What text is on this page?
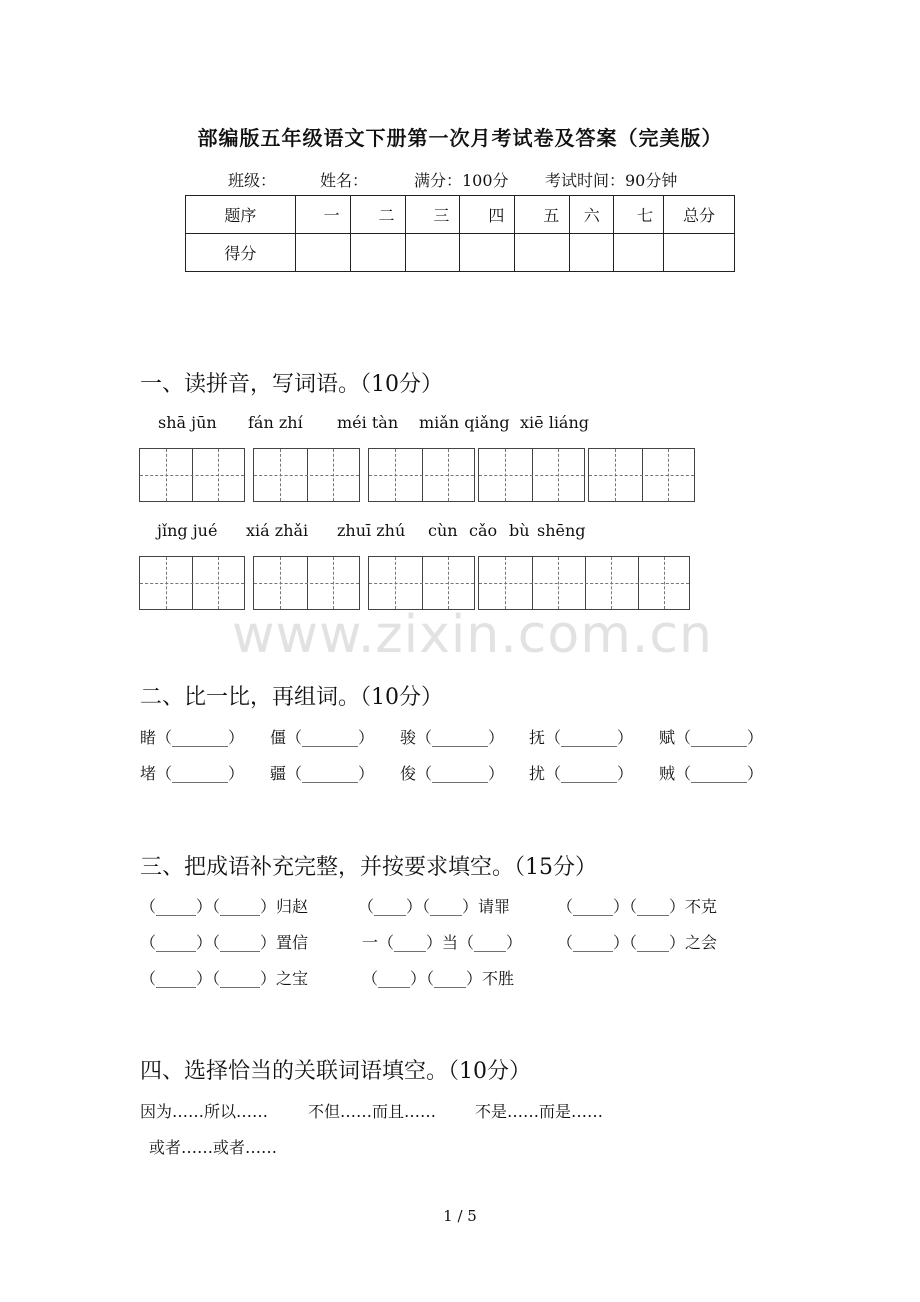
部编版五年级语文下册第一次月考试卷及答案（完美版）
班级：	姓名：	满分：100分 考试时间：90分钟
题序	一	二	三	四	五	六	七	总分
得分								
一、读拼音，写词语。（10分）
shā jūn fán zhí méi tàn miǎn qiǎng xiē liáng
jǐng jué xiá zhǎi zhuī zhú cùn cǎo bù shēng
www.zixin.com.cn
二、比一比，再组词。（10分）
睹（_______） 僵（_______） 骏（_______） 抚（_______） 赋（_______）
堵（_______） 疆（_______） 俊（_______） 扰（_______） 贼（_______）
三、把成语补充完整，并按要求填空。（15分）
（_____）（_____）归赵	（____）（____）请罪	（_____）（____）不克
（_____）（_____）置信	一（____）当（____） （_____）（____）之会
（_____）（_____）之宝	（____）（____）不胜
四、选择恰当的关联词语填空。（10分）
因为……所以…… 不但……而且…… 不是……而是……
或者……或者……
1 / 5
